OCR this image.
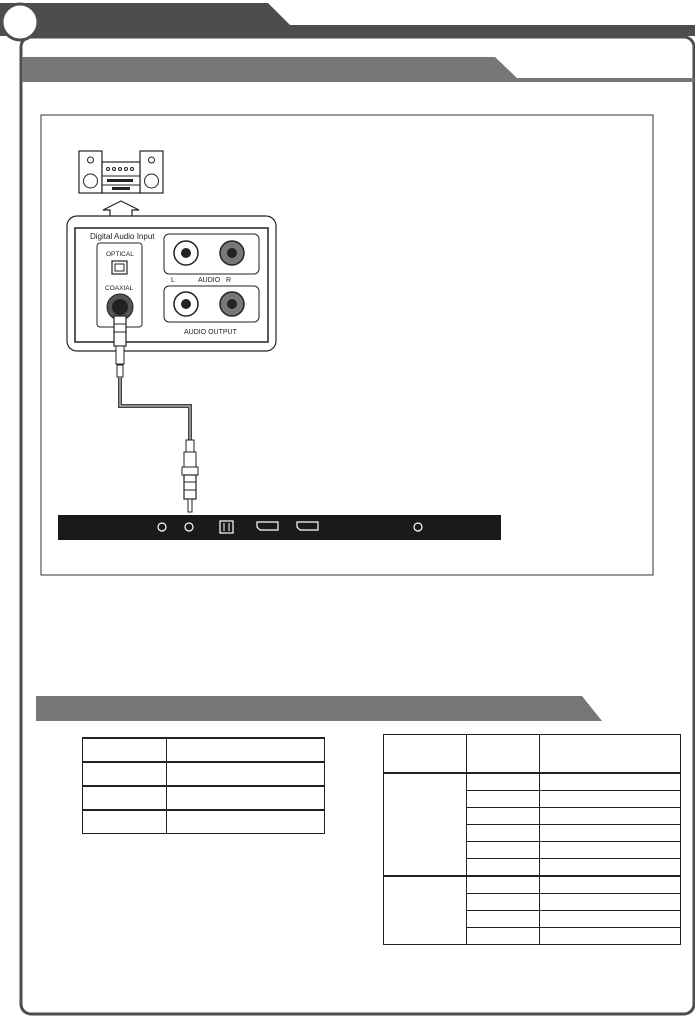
Digital Audio Input
OPTICAL
COAXIAL
L	AUDIO R
AUDIO OUTPUT
